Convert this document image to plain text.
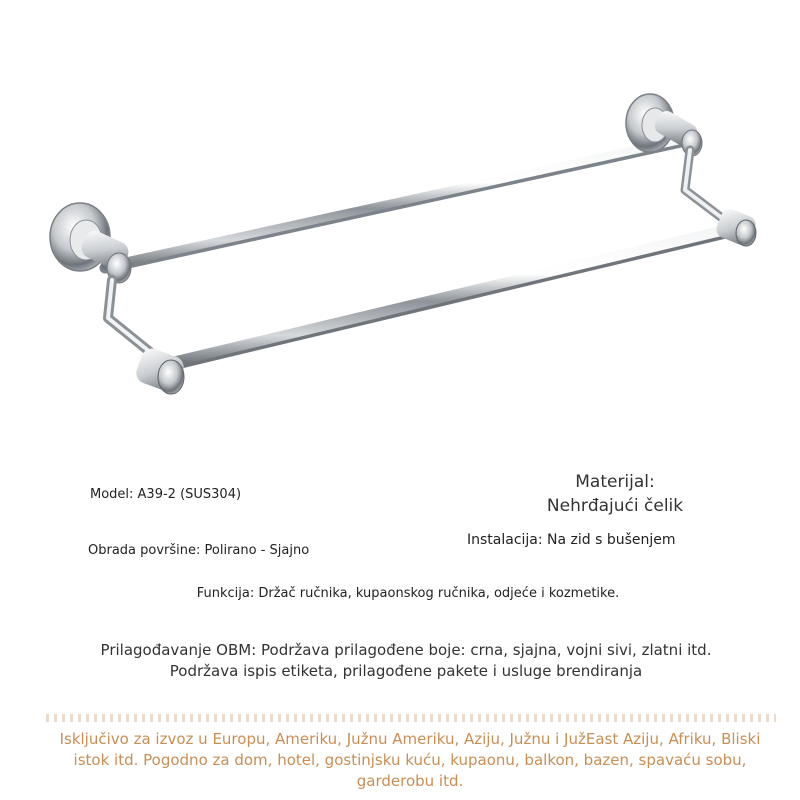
Model: A39-2 (SUS304)
Materijal:
Nehrđajući čelik
Obrada površine: Polirano - Sjajno
Instalacija: Na zid s bušenjem
Funkcija: Držač ručnika, kupaonskog ručnika, odjeće i kozmetike.
Prilagođavanje OBM: Podržava prilagođene boje: crna, sjajna, vojni sivi, zlatni itd.
Podržava ispis etiketa, prilagođene pakete i usluge brendiranja
Isključivo za izvoz u Europu, Ameriku, Južnu Ameriku, Aziju, Južnu i JužEast Aziju, Afriku, Bliski istok itd. Pogodno za dom, hotel, gostinjsku kuću, kupaonu, balkon, bazen, spavaću sobu, garderobu itd.
